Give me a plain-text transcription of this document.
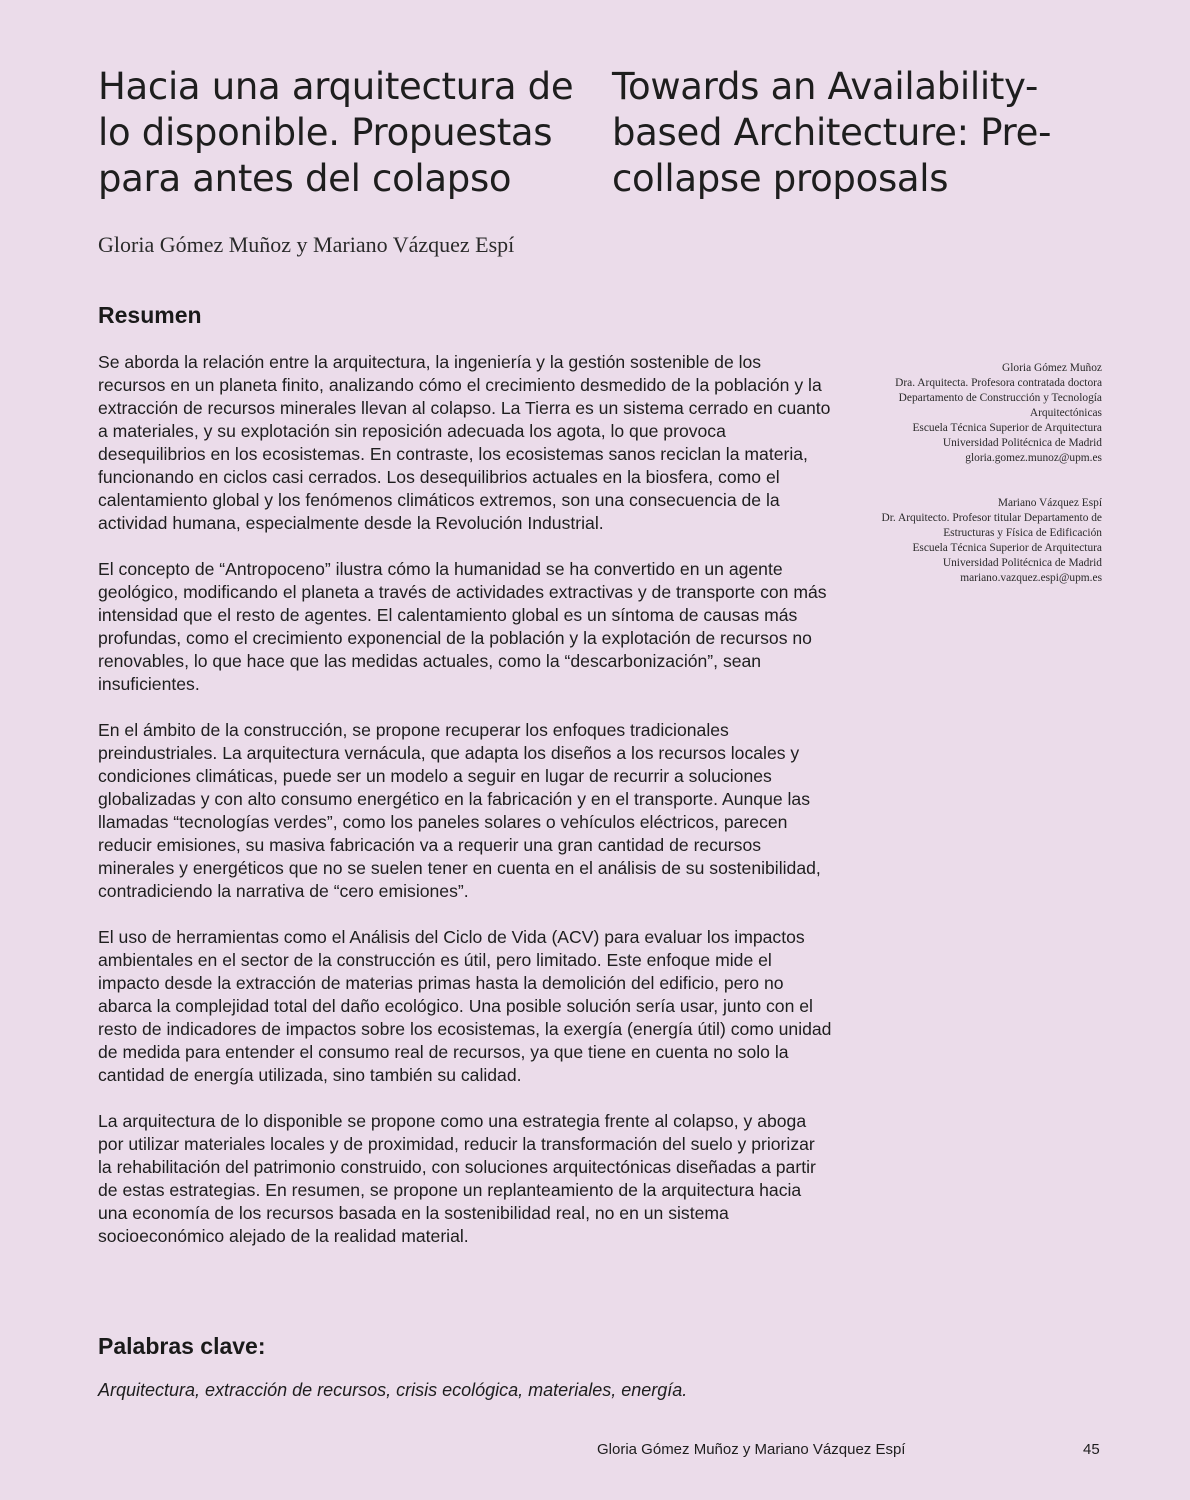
Hacia una arquitectura de lo disponible. Propuestas para antes del colapso
Towards an Availability-based Architecture: Pre-collapse proposals
Gloria Gómez Muñoz y Mariano Vázquez Espí
Resumen

Se aborda la relación entre la arquitectura, la ingeniería y la gestión sostenible de los recursos en un planeta finito, analizando cómo el crecimiento desmedido de la población y la extracción de recursos minerales llevan al colapso. La Tierra es un sistema cerrado en cuanto a materiales, y su explotación sin reposición adecuada los agota, lo que provoca desequilibrios en los ecosistemas. En contraste, los ecosistemas sanos reciclan la materia, funcionando en ciclos casi cerrados. Los desequilibrios actuales en la biosfera, como el calentamiento global y los fenómenos climáticos extremos, son una consecuencia de la actividad humana, especialmente desde la Revolución Industrial.

El concepto de “Antropoceno” ilustra cómo la humanidad se ha convertido en un agente geológico, modificando el planeta a través de actividades extractivas y de transporte con más intensidad que el resto de agentes. El calentamiento global es un síntoma de causas más profundas, como el crecimiento exponencial de la población y la explotación de recursos no renovables, lo que hace que las medidas actuales, como la “descarbonización”, sean insuficientes.

En el ámbito de la construcción, se propone recuperar los enfoques tradicionales preindustriales. La arquitectura vernácula, que adapta los diseños a los recursos locales y condiciones climáticas, puede ser un modelo a seguir en lugar de recurrir a soluciones globalizadas y con alto consumo energético en la fabricación y en el transporte. Aunque las llamadas “tecnologías verdes”, como los paneles solares o vehículos eléctricos, parecen reducir emisiones, su masiva fabricación va a requerir una gran cantidad de recursos minerales y energéticos que no se suelen tener en cuenta en el análisis de su sostenibilidad, contradiciendo la narrativa de “cero emisiones”.

El uso de herramientas como el Análisis del Ciclo de Vida (ACV) para evaluar los impactos ambientales en el sector de la construcción es útil, pero limitado. Este enfoque mide el impacto desde la extracción de materias primas hasta la demolición del edificio, pero no abarca la complejidad total del daño ecológico. Una posible solución sería usar, junto con el resto de indicadores de impactos sobre los ecosistemas, la exergía (energía útil) como unidad de medida para entender el consumo real de recursos, ya que tiene en cuenta no solo la cantidad de energía utilizada, sino también su calidad.

La arquitectura de lo disponible se propone como una estrategia frente al colapso, y aboga por utilizar materiales locales y de proximidad, reducir la transformación del suelo y priorizar la rehabilitación del patrimonio construido, con soluciones arquitectónicas diseñadas a partir de estas estrategias. En resumen, se propone un replanteamiento de la arquitectura hacia una economía de los recursos basada en la sostenibilidad real, no en un sistema socioeconómico alejado de la realidad material.

Palabras clave:

Arquitectura, extracción de recursos, crisis ecológica, materiales, energía.

Gloria Gómez Muñoz
Dra. Arquitecta. Profesora contratada doctora
Departamento de Construcción y Tecnología
Arquitectónicas
Escuela Técnica Superior de Arquitectura
Universidad Politécnica de Madrid
gloria.gomez.munoz@upm.es
Mariano Vázquez Espí
Dr. Arquitecto. Profesor titular Departamento de
Estructuras y Física de Edificación
Escuela Técnica Superior de Arquitectura
Universidad Politécnica de Madrid
mariano.vazquez.espi@upm.es
Gloria Gómez Muñoz y Mariano Vázquez Espí	45
